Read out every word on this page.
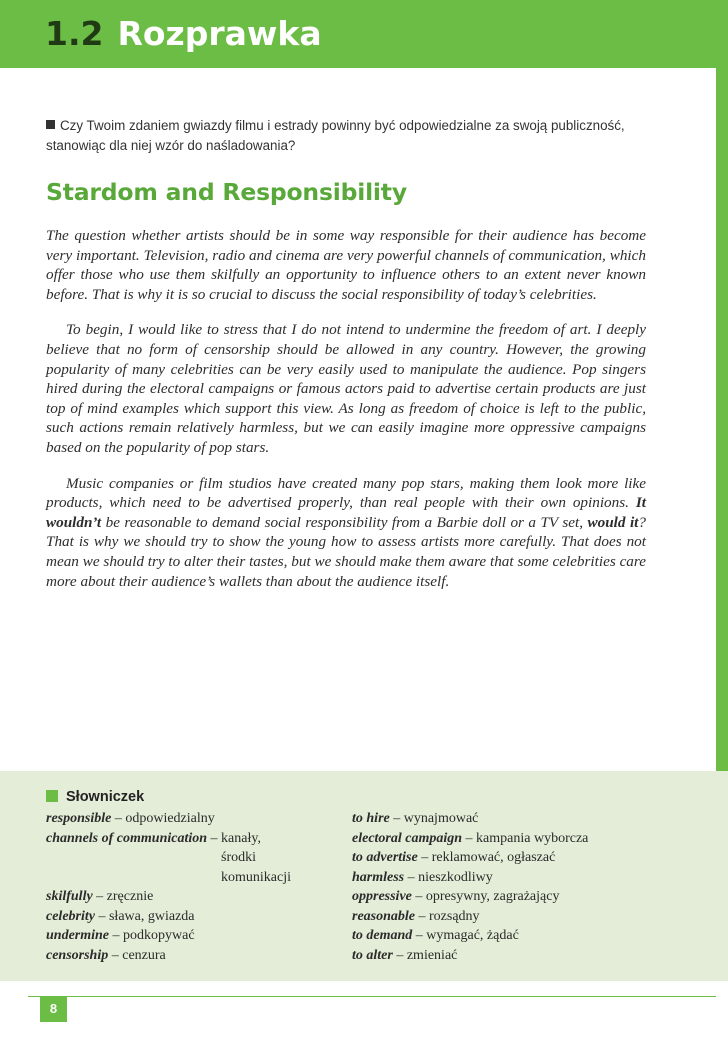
1.2 Rozprawka
Czy Twoim zdaniem gwiazdy filmu i estrady powinny być odpowiedzialne za swoją publiczność, stanowiąc dla niej wzór do naśladowania?
Stardom and Responsibility

The question whether artists should be in some way responsible for their audience has become very important. Television, radio and cinema are very powerful channels of communication, which offer those who use them skilfully an opportunity to influence others to an extent never known before. That is why it is so crucial to discuss the social responsibility of today’s celebrities.

To begin, I would like to stress that I do not intend to undermine the freedom of art. I deeply believe that no form of censorship should be allowed in any country. However, the growing popularity of many celebrities can be very easily used to manipulate the audience. Pop singers hired during the electoral campaigns or famous actors paid to advertise certain products are just top of mind examples which support this view. As long as freedom of choice is left to the public, such actions remain relatively harmless, but we can easily imagine more oppressive campaigns based on the popularity of pop stars.

Music companies or film studios have created many pop stars, making them look more like products, which need to be advertised properly, than real people with their own opinions. It wouldn’t be reasonable to demand social responsibility from a Barbie doll or a TV set, would it? That is why we should try to show the young how to assess artists more carefully. That does not mean we should try to alter their tastes, but we should make them aware that some celebrities care more about their audience’s wallets than about the audience itself.

Słowniczek
responsible – odpowiedzialny
channels of communication – kanały, środki komunikacji
skilfully – zręcznie
celebrity – sława, gwiazda
undermine – podkopywać
censorship – cenzura
to hire – wynajmować
electoral campaign – kampania wyborcza
to advertise – reklamować, ogłaszać
harmless – nieszkodliwy
oppressive – opresywny, zagrażający
reasonable – rozsądny
to demand – wymagać, żądać
to alter – zmieniać
8
